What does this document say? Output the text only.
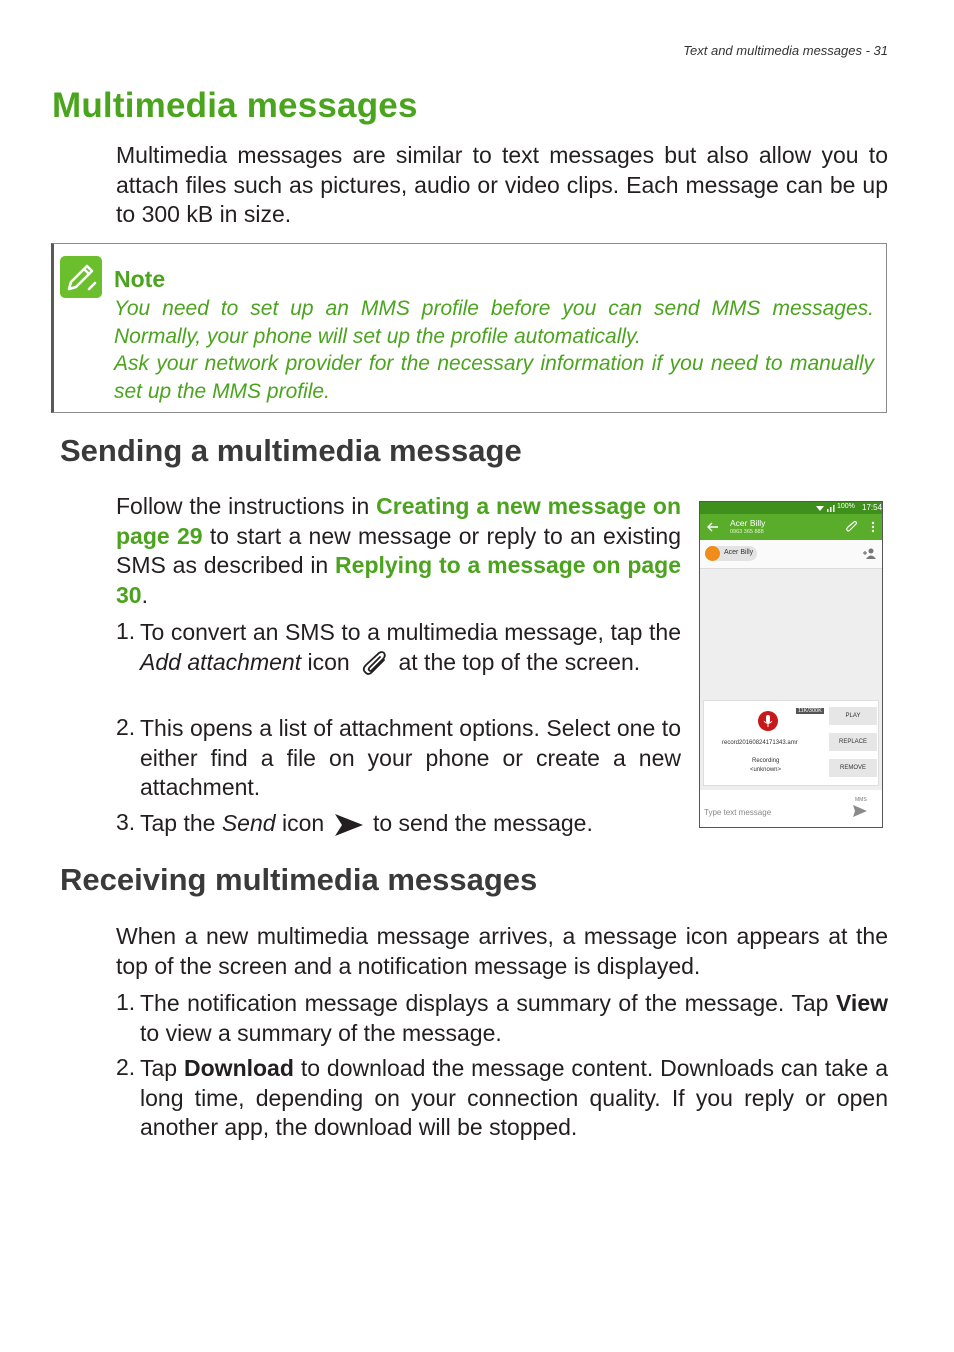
Text and multimedia messages - 31
Multimedia messages

Multimedia messages are similar to text messages but also allow you to attach files such as pictures, audio or video clips. Each message can be up to 300 kB in size.

Note

You need to set up an MMS profile before you can send MMS messages. Normally, your phone will set up the profile automatically.

Ask your network provider for the necessary information if you need to manually set up the MMS profile.

Sending a multimedia message

Follow the instructions in Creating a new message on page 29 to start a new message or reply to an existing SMS as described in Replying to a message on page 30.

1. To convert an SMS to a multimedia message, tap the Add attachment icon at the top of the screen.

2. This opens a list of attachment options. Select one to either find a file on your phone or create a new attachment.

3. Tap the Send icon to send the message.

100% 17:54
Acer Billy
0963 365 888
Acer Billy
11K/300K
record20160824171343.amr
Recording
<unknown>
PLAY
REPLACE
REMOVE
Type text message
MMS
Receiving multimedia messages

When a new multimedia message arrives, a message icon appears at the top of the screen and a notification message is displayed.

1. The notification message displays a summary of the message. Tap View to view a summary of the message.

2. Tap Download to download the message content. Downloads can take a long time, depending on your connection quality. If you reply or open another app, the download will be stopped.
